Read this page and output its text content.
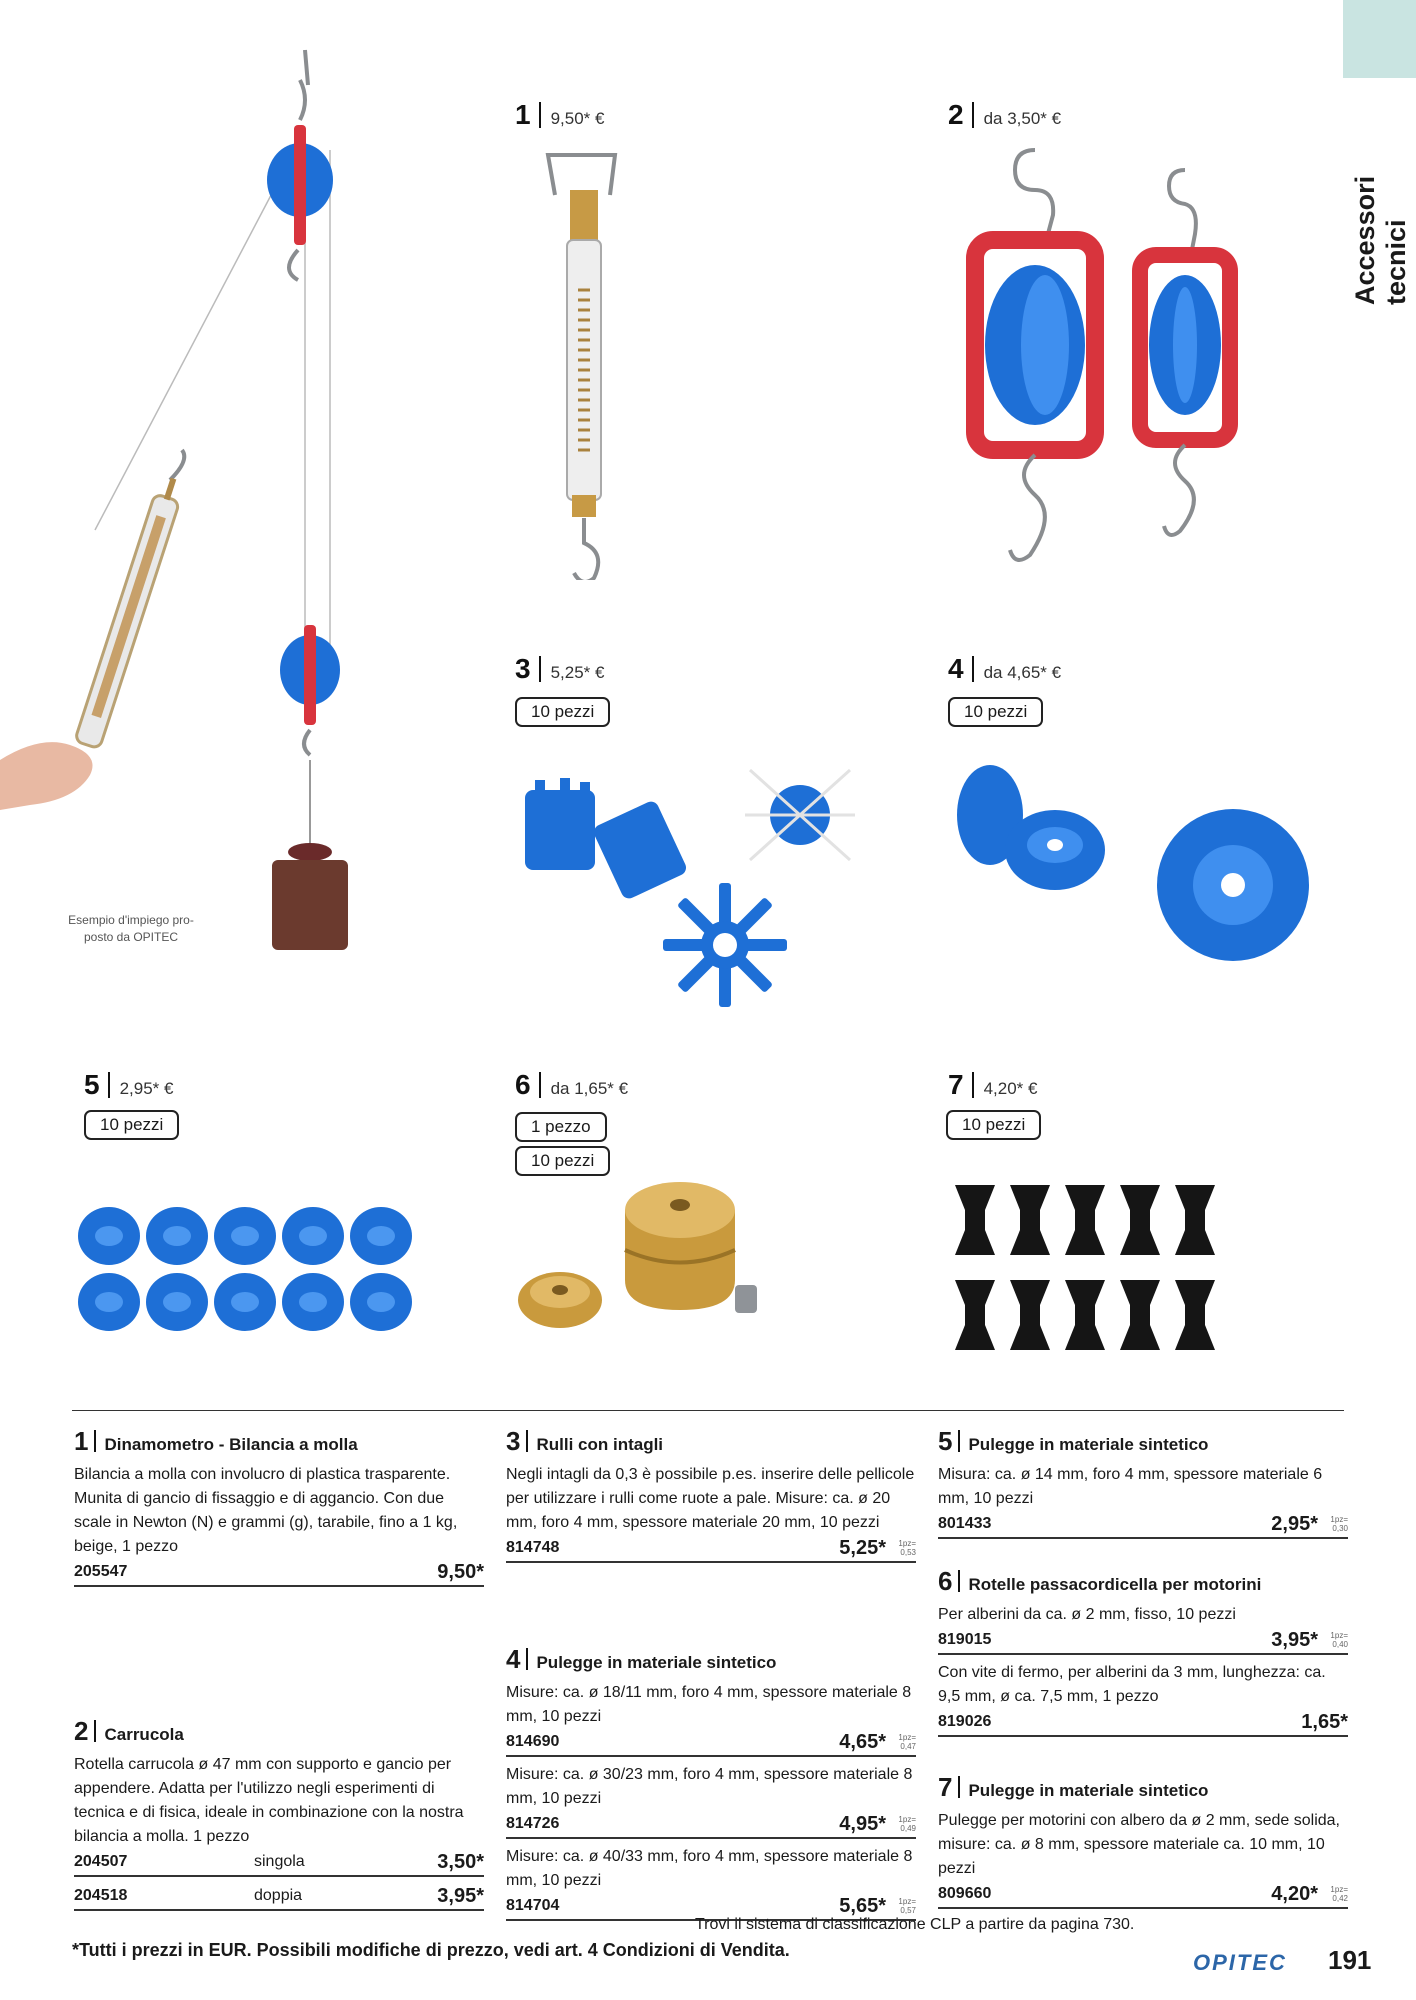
Accessori tecnici
Esempio d'impiego pro- posto da OPITEC
1	9,50* €	2	da 3,50* €
3	5,25* €
10 pezzi
4	da 4,65* €
10 pezzi
5	2,95* €
10 pezzi
6	da 1,65* €
1 pezzo
10 pezzi
7	4,20* €
10 pezzi
1 Dinamometro - Bilancia a molla

Bilancia a molla con involucro di plastica trasparente. Munita di gancio di fissaggio e di aggancio. Con due scale in Newton (N) e grammi (g), tarabile, fino a 1 kg, beige, 1 pezzo

205547	9,50*
2 Carrucola

Rotella carrucola ø 47 mm con supporto e gancio per appendere. Adatta per l'utilizzo negli esperimenti di tecnica e di fisica, ideale in combinazione con la nostra bilancia a molla. 1 pezzo

204507	singola	3,50*
204518	doppia	3,95*
3 Rulli con intagli

Negli intagli da 0,3 è possibile p.es. inserire delle pellicole per utilizzare i rulli come ruote a pale. Misure: ca. ø 20 mm, foro 4 mm, spessore materiale 20 mm, 10 pezzi

814748	5,25*	1pz= 0,53
4 Pulegge in materiale sintetico

Misure: ca. ø 18/11 mm, foro 4 mm, spessore materiale 8 mm, 10 pezzi

814690	4,65*	1pz= 0,47

Misure: ca. ø 30/23 mm, foro 4 mm, spessore materiale 8 mm, 10 pezzi

814726	4,95*	1pz= 0,49

Misure: ca. ø 40/33 mm, foro 4 mm, spessore materiale 8 mm, 10 pezzi

814704	5,65*	1pz= 0,57
5 Pulegge in materiale sintetico

Misura: ca. ø 14 mm, foro 4 mm, spessore materiale 6 mm, 10 pezzi

801433	2,95*	1pz= 0,30
6 Rotelle passacordicella per motorini

Per alberini da ca. ø 2 mm, fisso, 10 pezzi

819015	3,95*	1pz= 0,40

Con vite di fermo, per alberini da 3 mm, lunghezza: ca. 9,5 mm, ø ca. 7,5 mm, 1 pezzo

819026	1,65*
7 Pulegge in materiale sintetico

Pulegge per motorini con albero da ø 2 mm, sede solida, misure: ca. ø 8 mm, spessore materiale ca. 10 mm, 10 pezzi

809660	4,20*	1pz= 0,42
Trovi il sistema di classificazione CLP a partire da pagina 730.
*Tutti i prezzi in EUR. Possibili modifiche di prezzo, vedi art. 4 Condizioni di Vendita.	OPITEC 191
